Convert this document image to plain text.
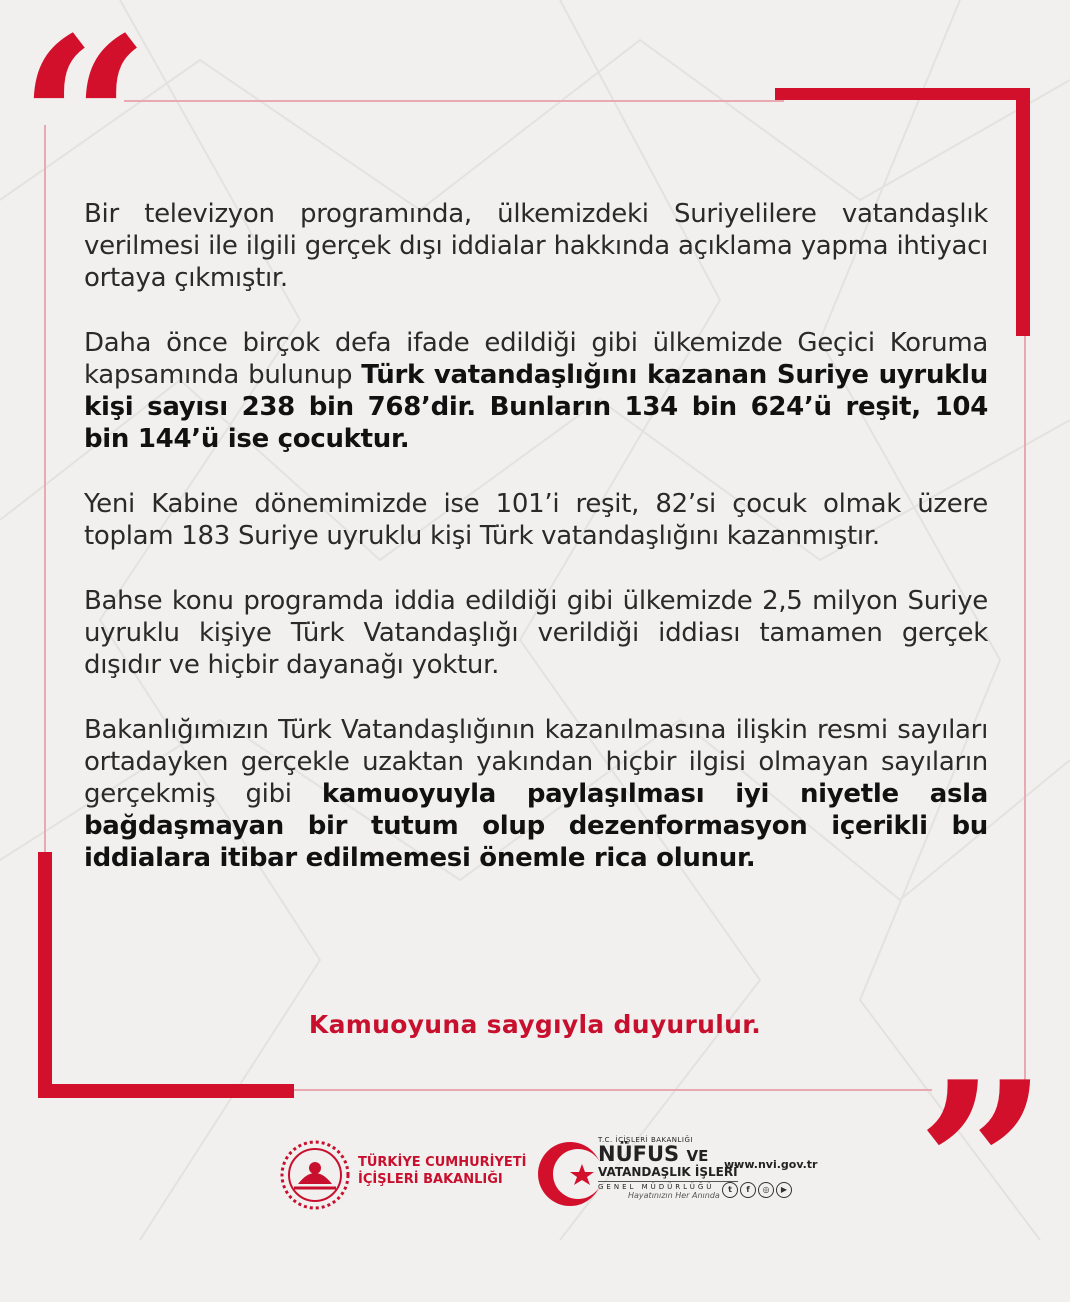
“
”

Bir televizyon programında, ülkemizdeki Suriyelilere vatandaşlık verilmesi ile ilgili gerçek dışı iddialar hakkında açıklama yapma ihtiyacı ortaya çıkmıştır.

Daha önce birçok defa ifade edildiği gibi ülkemizde Geçici Koruma kapsamında bulunup Türk vatandaşlığını kazanan Suriye uyruklu kişi sayısı 238 bin 768’dir. Bunların 134 bin 624’ü reşit, 104 bin 144’ü ise çocuktur.

Yeni Kabine dönemimizde ise 101’i reşit, 82’si çocuk olmak üzere toplam 183 Suriye uyruklu kişi Türk vatandaşlığını kazanmıştır.

Bahse konu programda iddia edildiği gibi ülkemizde 2,5 milyon Suriye uyruklu kişiye Türk Vatandaşlığı verildiği iddiası tamamen gerçek dışıdır ve hiçbir dayanağı yoktur.

Bakanlığımızın Türk Vatandaşlığının kazanılmasına ilişkin resmi sayıları ortadayken gerçekle uzaktan yakından hiçbir ilgisi olmayan sayıların gerçekmiş gibi kamuoyuyla paylaşılması iyi niyetle asla bağdaşmayan bir tutum olup dezenformasyon içerikli bu iddialara itibar edilmemesi önemle rica olunur.

Kamuoyuna saygıyla duyurulur.
TÜRKİYE CUMHURİYETİ
İÇİŞLERİ BAKANLIĞI
T.C. İÇİŞLERİ BAKANLIĞI
NÜFUS VE
VATANDAŞLIK İŞLERİ
GENEL MÜDÜRLÜĞÜ
Hayatınızın Her Anında
www.nvi.gov.tr
t	f	◎	▶
